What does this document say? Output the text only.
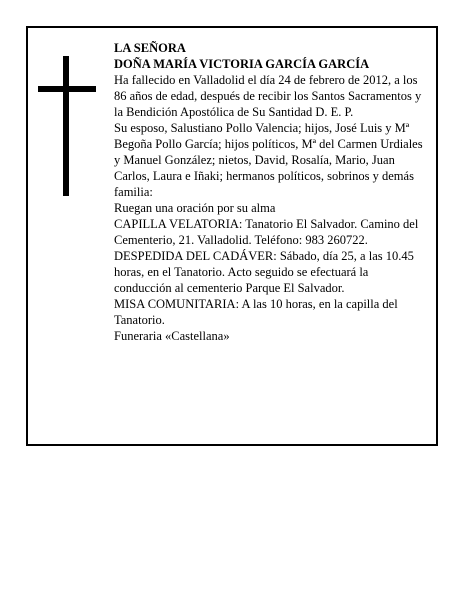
LA SEÑORA

DOÑA MARÍA VICTORIA GARCÍA GARCÍA

Ha fallecido en Valladolid el día 24 de febrero de 2012, a los 86 años de edad, después de recibir los Santos Sacramentos y la Bendición Apostólica de Su Santidad D. E. P.

Su esposo, Salustiano Pollo Valencia; hijos, José Luis y Mª Begoña Pollo García; hijos políticos, Mª del Carmen Urdiales y Manuel González; nietos, David, Rosalía, Mario, Juan Carlos, Laura e Iñaki; hermanos políticos, sobrinos y demás familia:

Ruegan una oración por su alma

CAPILLA VELATORIA: Tanatorio El Salvador. Camino del Cementerio, 21. Valladolid. Teléfono: 983 260722.

DESPEDIDA DEL CADÁVER: Sábado, día 25, a las 10.45 horas, en el Tanatorio. Acto seguido se efectuará la conducción al cementerio Parque El Salvador.

MISA COMUNITARIA: A las 10 horas, en la capilla del Tanatorio.

Funeraria «Castellana»
